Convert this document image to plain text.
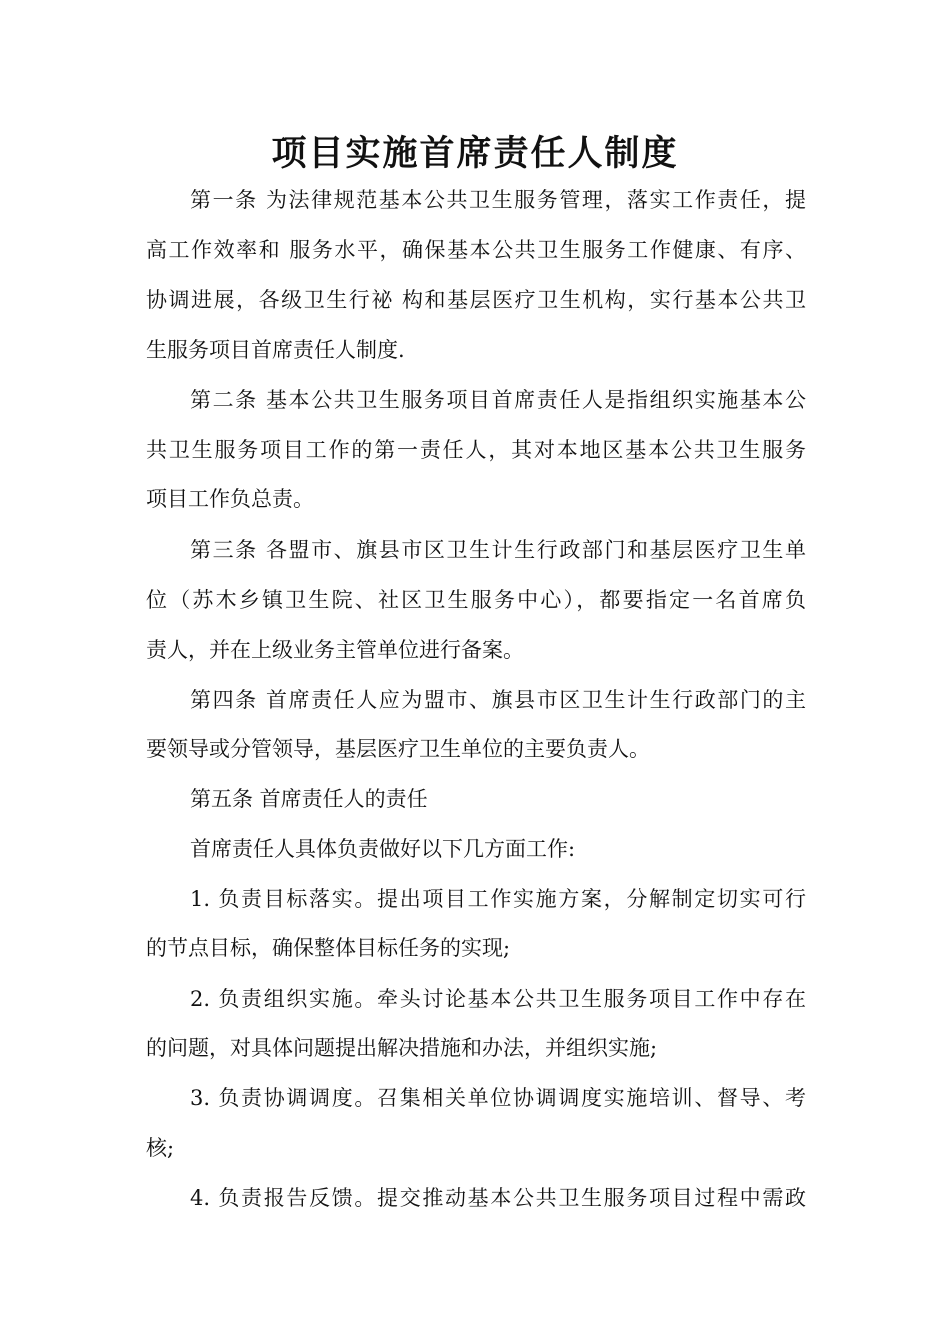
项目实施首席责任人制度
第一条 为法律规范基本公共卫生服务管理，落实工作责任，提
高工作效率和 服务水平，确保基本公共卫生服务工作健康、有序、
协调进展，各级卫生行祕 构和基层医疗卫生机构，实行基本公共卫
生服务项目首席责任人制度.
第二条 基本公共卫生服务项目首席责任人是指组织实施基本公
共卫生服务项目工作的第一责任人，其对本地区基本公共卫生服务
项目工作负总责。
第三条 各盟市、旗县市区卫生计生行政部门和基层医疗卫生单
位（苏木乡镇卫生院、社区卫生服务中心），都要指定一名首席负
责人，并在上级业务主管单位进行备案。
第四条 首席责任人应为盟市、旗县市区卫生计生行政部门的主
要领导或分管领导，基层医疗卫生单位的主要负责人。
第五条 首席责任人的责任
首席责任人具体负责做好以下几方面工作:
1. 负责目标落实。提出项目工作实施方案，分解制定切实可行
的节点目标，确保整体目标任务的实现;
2. 负责组织实施。牵头讨论基本公共卫生服务项目工作中存在
的问题，对具体问题提出解决措施和办法，并组织实施;
3. 负责协调调度。召集相关单位协调调度实施培训、督导、考
核;
4. 负责报告反馈。提交推动基本公共卫生服务项目过程中需政
